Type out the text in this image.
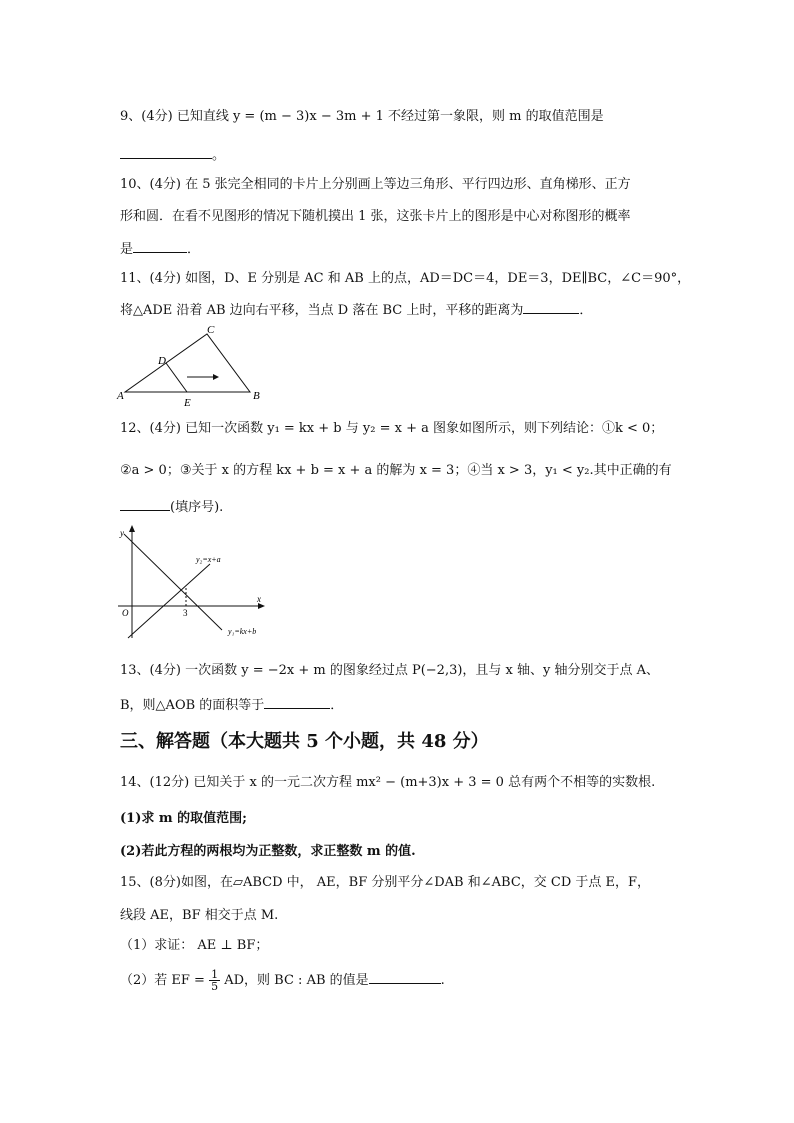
9、(4分) 已知直线 y = (m − 3)x − 3m + 1 不经过第一象限，则 m 的取值范围是
。
10、(4分) 在 5 张完全相同的卡片上分别画上等边三角形、平行四边形、直角梯形、正方
形和圆．在看不见图形的情况下随机摸出 1 张，这张卡片上的图形是中心对称图形的概率
是	．
11、(4分) 如图，D、E 分别是 AC 和 AB 上的点，AD＝DC＝4，DE＝3，DE∥BC，∠C＝90°，
将△ADE 沿着 AB 边向右平移，当点 D 落在 BC 上时，平移的距离为	．
A	B
C
D
E
12、(4分) 已知一次函数 y₁ = kx + b 与 y₂ = x + a 图象如图所示，则下列结论：①k < 0；
②a > 0；③关于 x 的方程 kx + b = x + a 的解为 x = 3；④当 x > 3，y₁ < y₂.其中正确的有
(填序号).
y
x
O	3
y₂=x+a
y₁=kx+b
13、(4分) 一次函数 y = −2x + m 的图象经过点 P(−2,3)，且与 x 轴、y 轴分别交于点 A、
B，则△AOB 的面积等于	．
三、解答题（本大题共 5 个小题，共 48 分）
14、(12分) 已知关于 x 的一元二次方程 mx² − (m+3)x + 3 = 0 总有两个不相等的实数根.
(1)求 m 的取值范围;
(2)若此方程的两根均为正整数，求正整数 m 的值.
15、(8分)如图，在▱ABCD 中， AE，BF 分别平分∠DAB 和∠ABC，交 CD 于点 E，F，
线段 AE，BF 相交于点 M.
（1）求证： AE ⊥ BF；
（2）若 EF = $\frac{1}{5}$ AD，则 BC : AB 的值是	.
